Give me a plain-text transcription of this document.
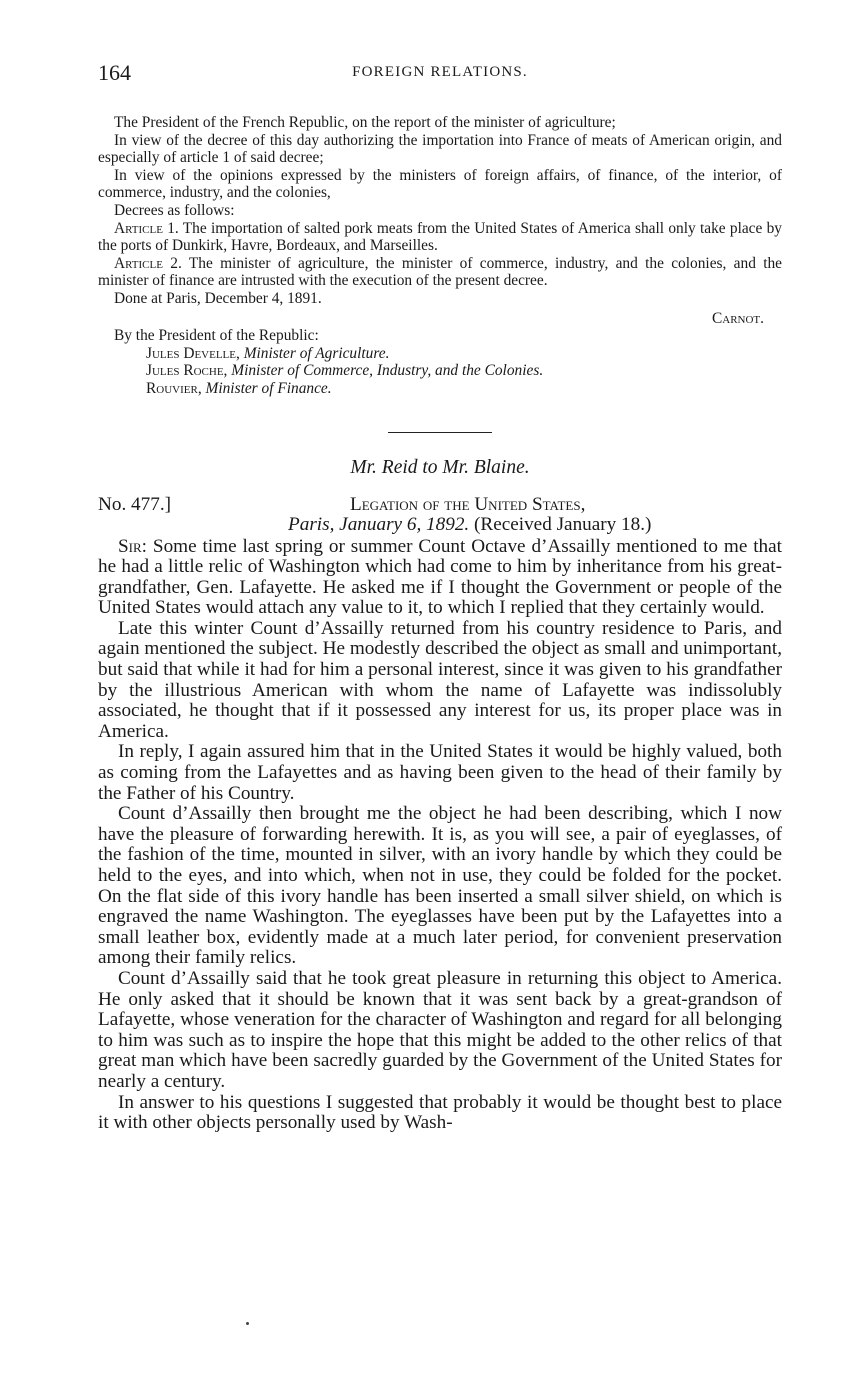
164	FOREIGN RELATIONS.

The President of the French Republic, on the report of the minister of agriculture;

In view of the decree of this day authorizing the importation into France of meats of American origin, and especially of article 1 of said decree;

In view of the opinions expressed by the ministers of foreign affairs, of finance, of the interior, of commerce, industry, and the colonies,

Decrees as follows:

Article 1. The importation of salted pork meats from the United States of America shall only take place by the ports of Dunkirk, Havre, Bordeaux, and Marseilles.

Article 2. The minister of agriculture, the minister of commerce, industry, and the colonies, and the minister of finance are intrusted with the execution of the present decree.

Done at Paris, December 4, 1891.

Carnot.

By the President of the Republic:

Jules Develle, Minister of Agriculture.
Jules Roche, Minister of Commerce, Industry, and the Colonies.
Rouvier, Minister of Finance.
Mr. Reid to Mr. Blaine.
No. 477.]	Legation of the United States,
Paris, January 6, 1892. (Received January 18.)

Sir: Some time last spring or summer Count Octave d’Assailly mentioned to me that he had a little relic of Washington which had come to him by inheritance from his great-grandfather, Gen. Lafayette. He asked me if I thought the Government or people of the United States would attach any value to it, to which I replied that they certainly would.

Late this winter Count d’Assailly returned from his country residence to Paris, and again mentioned the subject. He modestly described the object as small and unimportant, but said that while it had for him a personal interest, since it was given to his grandfather by the illustrious American with whom the name of Lafayette was indissolubly associated, he thought that if it possessed any interest for us, its proper place was in America.

In reply, I again assured him that in the United States it would be highly valued, both as coming from the Lafayettes and as having been given to the head of their family by the Father of his Country.

Count d’Assailly then brought me the object he had been describing, which I now have the pleasure of forwarding herewith. It is, as you will see, a pair of eyeglasses, of the fashion of the time, mounted in silver, with an ivory handle by which they could be held to the eyes, and into which, when not in use, they could be folded for the pocket. On the flat side of this ivory handle has been inserted a small silver shield, on which is engraved the name Washington. The eyeglasses have been put by the Lafayettes into a small leather box, evidently made at a much later period, for convenient preservation among their family relics.

Count d’Assailly said that he took great pleasure in returning this object to America. He only asked that it should be known that it was sent back by a great-grandson of Lafayette, whose veneration for the character of Washington and regard for all belonging to him was such as to inspire the hope that this might be added to the other relics of that great man which have been sacredly guarded by the Government of the United States for nearly a century.

In answer to his questions I suggested that probably it would be thought best to place it with other objects personally used by Wash-
